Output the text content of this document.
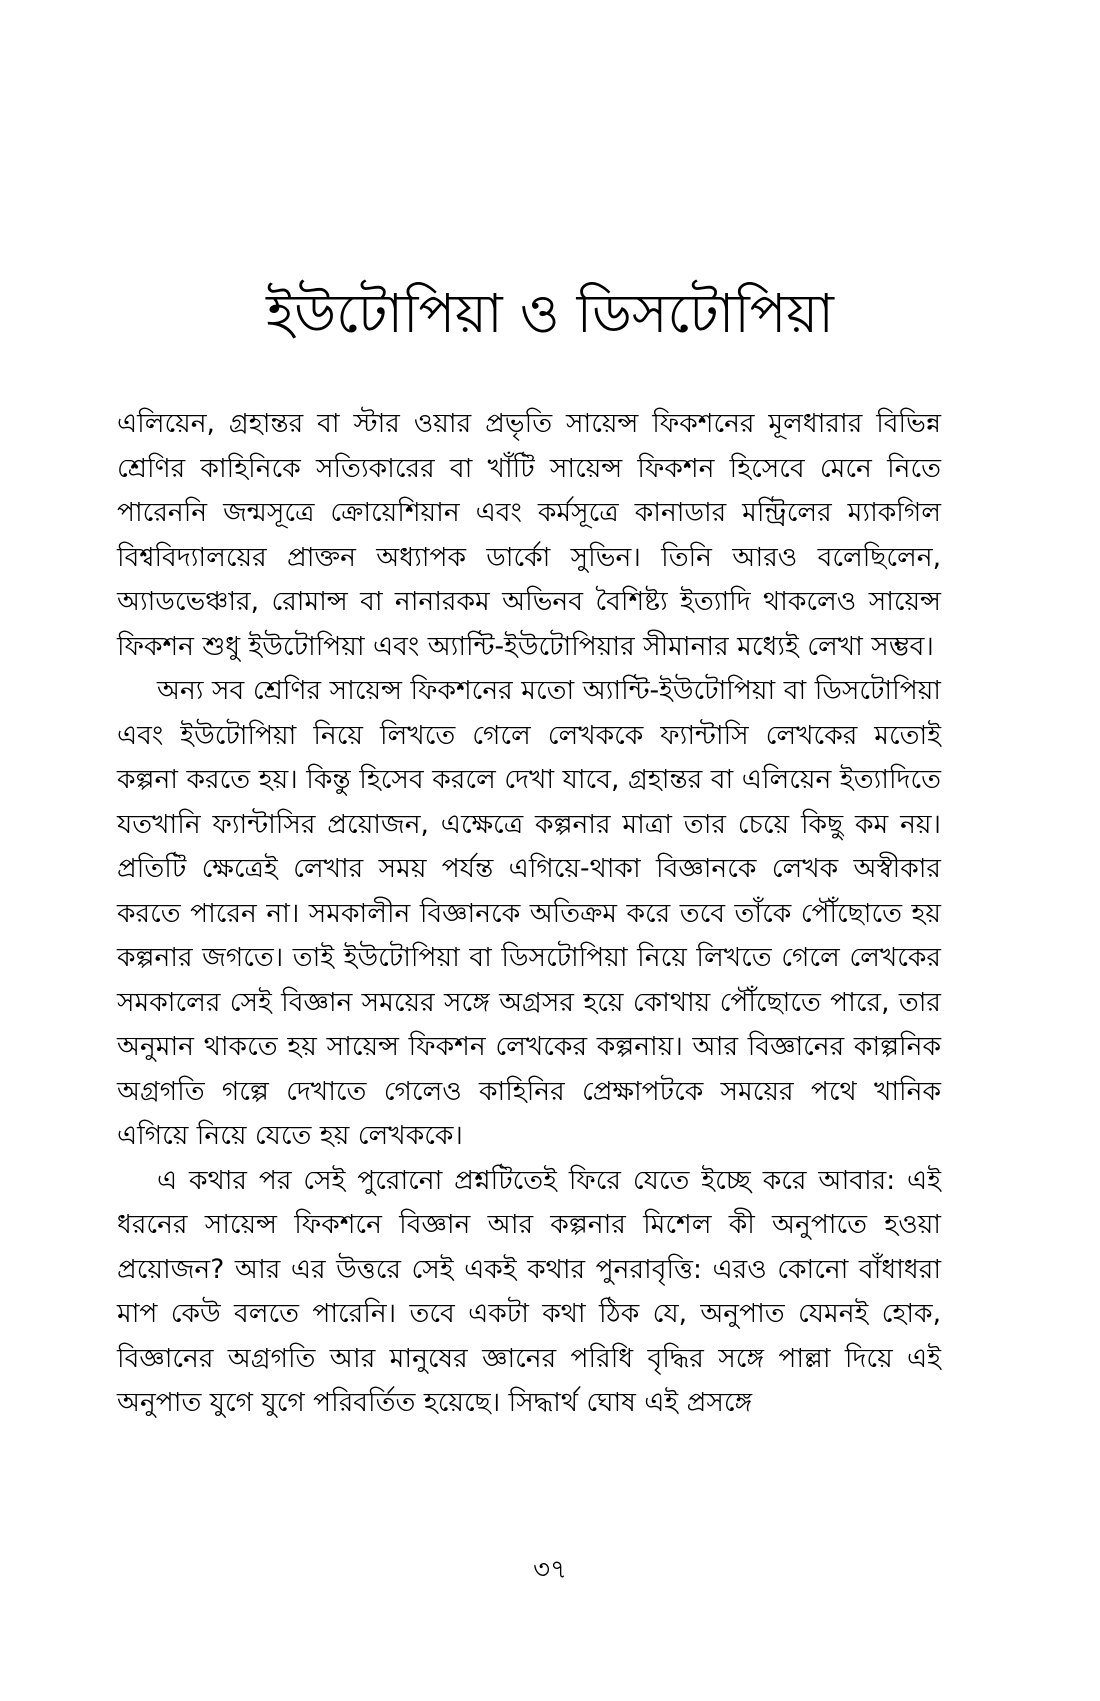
ইউটোপিয়া ও ডিসটোপিয়া

এলিয়েন, গ্রহান্তর বা স্টার ওয়ার প্রভৃতি সায়েন্স ফিকশনের মূলধারার বিভিন্ন শ্রেণির কাহিনিকে সত্যিকারের বা খাঁটি সায়েন্স ফিকশন হিসেবে মেনে নিতে পারেননি জন্মসূত্রে ক্রোয়েশিয়ান এবং কর্মসূত্রে কানাডার মন্ট্রিলের ম্যাকগিল বিশ্ববিদ্যালয়ের প্রাক্তন অধ্যাপক ডার্কো সুভিন। তিনি আরও বলেছিলেন, অ্যাডভেঞ্চার, রোমান্স বা নানারকম অভিনব বৈশিষ্ট্য ইত্যাদি থাকলেও সায়েন্স ফিকশন শুধু ইউটোপিয়া এবং অ্যান্টি-ইউটোপিয়ার সীমানার মধ্যেই লেখা সম্ভব।

অন্য সব শ্রেণির সায়েন্স ফিকশনের মতো অ্যান্টি-ইউটোপিয়া বা ডিসটোপিয়া এবং ইউটোপিয়া নিয়ে লিখতে গেলে লেখককে ফ্যান্টাসি লেখকের মতোই কল্পনা করতে হয়। কিন্তু হিসেব করলে দেখা যাবে, গ্রহান্তর বা এলিয়েন ইত্যাদিতে যতখানি ফ্যান্টাসির প্রয়োজন, এক্ষেত্রে কল্পনার মাত্রা তার চেয়ে কিছু কম নয়। প্রতিটি ক্ষেত্রেই লেখার সময় পর্যন্ত এগিয়ে-থাকা বিজ্ঞানকে লেখক অস্বীকার করতে পারেন না। সমকালীন বিজ্ঞানকে অতিক্রম করে তবে তাঁকে পৌঁছোতে হয় কল্পনার জগতে। তাই ইউটোপিয়া বা ডিসটোপিয়া নিয়ে লিখতে গেলে লেখকের সমকালের সেই বিজ্ঞান সময়ের সঙ্গে অগ্রসর হয়ে কোথায় পৌঁছোতে পারে, তার অনুমান থাকতে হয় সায়েন্স ফিকশন লেখকের কল্পনায়। আর বিজ্ঞানের কাল্পনিক অগ্রগতি গল্পে দেখাতে গেলেও কাহিনির প্রেক্ষাপটকে সময়ের পথে খানিক এগিয়ে নিয়ে যেতে হয় লেখককে।

এ কথার পর সেই পুরোনো প্রশ্নটিতেই ফিরে যেতে ইচ্ছে করে আবার: এই ধরনের সায়েন্স ফিকশনে বিজ্ঞান আর কল্পনার মিশেল কী অনুপাতে হওয়া প্রয়োজন? আর এর উত্তরে সেই একই কথার পুনরাবৃত্তি: এরও কোনো বাঁধাধরা মাপ কেউ বলতে পারেনি। তবে একটা কথা ঠিক যে, অনুপাত যেমনই হোক, বিজ্ঞানের অগ্রগতি আর মানুষের জ্ঞানের পরিধি বৃদ্ধির সঙ্গে পাল্লা দিয়ে এই অনুপাত যুগে যুগে পরিবর্তিত হয়েছে। সিদ্ধার্থ ঘোষ এই প্রসঙ্গে

৩৭
